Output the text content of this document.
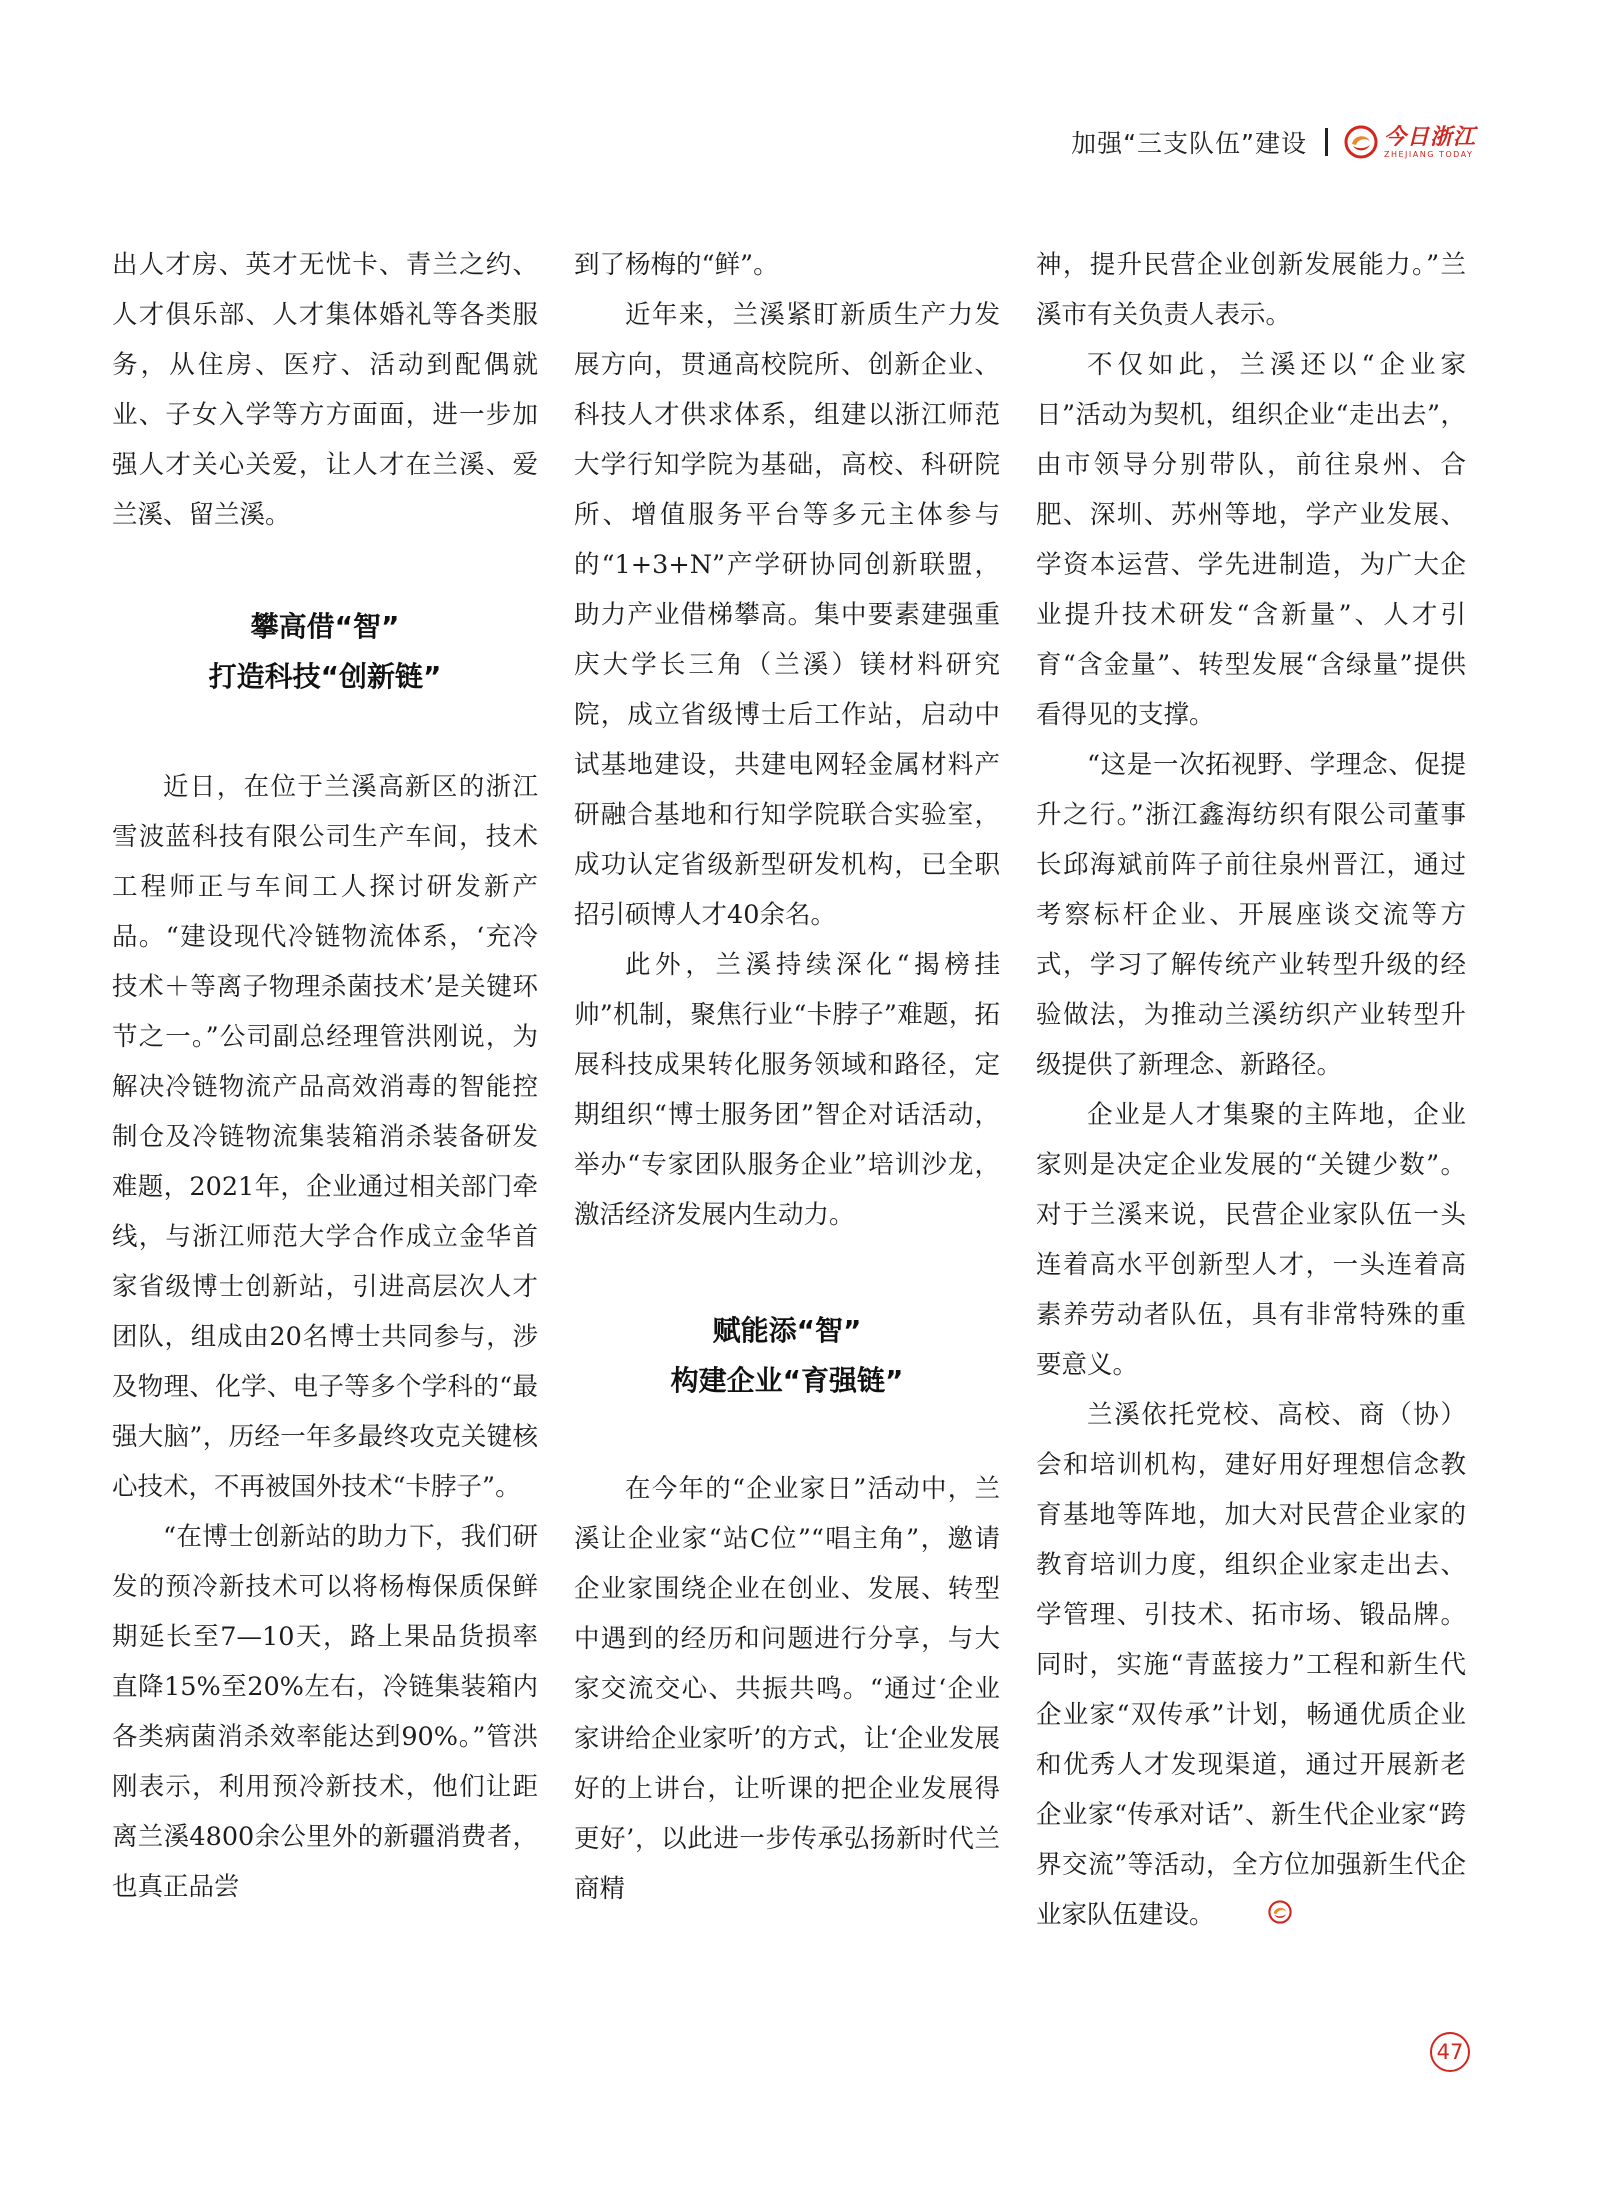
加强“三支队伍”建设	今日浙江
ZHEJIANG TODAY

出人才房、英才无忧卡、青兰之约、人才俱乐部、人才集体婚礼等各类服务，从住房、医疗、活动到配偶就业、子女入学等方方面面，进一步加强人才关心关爱，让人才在兰溪、爱兰溪、留兰溪。

攀高借“智”
打造科技“创新链”

近日，在位于兰溪高新区的浙江雪波蓝科技有限公司生产车间，技术工程师正与车间工人探讨研发新产品。“建设现代冷链物流体系，‘充冷技术＋等离子物理杀菌技术’是关键环节之一。”公司副总经理管洪刚说，为解决冷链物流产品高效消毒的智能控制仓及冷链物流集装箱消杀装备研发难题，2021年，企业通过相关部门牵线，与浙江师范大学合作成立金华首家省级博士创新站，引进高层次人才团队，组成由20名博士共同参与，涉及物理、化学、电子等多个学科的“最强大脑”，历经一年多最终攻克关键核心技术，不再被国外技术“卡脖子”。

“在博士创新站的助力下，我们研发的预冷新技术可以将杨梅保质保鲜期延长至7—10天，路上果品货损率直降15%至20%左右，冷链集装箱内各类病菌消杀效率能达到90%。”管洪刚表示，利用预冷新技术，他们让距离兰溪4800余公里外的新疆消费者，也真正品尝

到了杨梅的“鲜”。

近年来，兰溪紧盯新质生产力发展方向，贯通高校院所、创新企业、科技人才供求体系，组建以浙江师范大学行知学院为基础，高校、科研院所、增值服务平台等多元主体参与的“1+3+N”产学研协同创新联盟，助力产业借梯攀高。集中要素建强重庆大学长三角（兰溪）镁材料研究院，成立省级博士后工作站，启动中试基地建设，共建电网轻金属材料产研融合基地和行知学院联合实验室，成功认定省级新型研发机构，已全职招引硕博人才40余名。

此外，兰溪持续深化“揭榜挂帅”机制，聚焦行业“卡脖子”难题，拓展科技成果转化服务领域和路径，定期组织“博士服务团”智企对话活动，举办“专家团队服务企业”培训沙龙，激活经济发展内生动力。

赋能添“智”
构建企业“育强链”

在今年的“企业家日”活动中，兰溪让企业家“站C位”“唱主角”，邀请企业家围绕企业在创业、发展、转型中遇到的经历和问题进行分享，与大家交流交心、共振共鸣。“通过‘企业家讲给企业家听’的方式，让‘企业发展好的上讲台，让听课的把企业发展得更好’，以此进一步传承弘扬新时代兰商精

神，提升民营企业创新发展能力。”兰溪市有关负责人表示。

不仅如此，兰溪还以“企业家日”活动为契机，组织企业“走出去”，由市领导分别带队，前往泉州、合肥、深圳、苏州等地，学产业发展、学资本运营、学先进制造，为广大企业提升技术研发“含新量”、人才引育“含金量”、转型发展“含绿量”提供看得见的支撑。

“这是一次拓视野、学理念、促提升之行。”浙江鑫海纺织有限公司董事长邱海斌前阵子前往泉州晋江，通过考察标杆企业、开展座谈交流等方式，学习了解传统产业转型升级的经验做法，为推动兰溪纺织产业转型升级提供了新理念、新路径。

企业是人才集聚的主阵地，企业家则是决定企业发展的“关键少数”。对于兰溪来说，民营企业家队伍一头连着高水平创新型人才，一头连着高素养劳动者队伍，具有非常特殊的重要意义。

兰溪依托党校、高校、商（协）会和培训机构，建好用好理想信念教育基地等阵地，加大对民营企业家的教育培训力度，组织企业家走出去、学管理、引技术、拓市场、锻品牌。同时，实施“青蓝接力”工程和新生代企业家“双传承”计划，畅通优质企业和优秀人才发现渠道，通过开展新老企业家“传承对话”、新生代企业家“跨界交流”等活动，全方位加强新生代企业家队伍建设。

47
